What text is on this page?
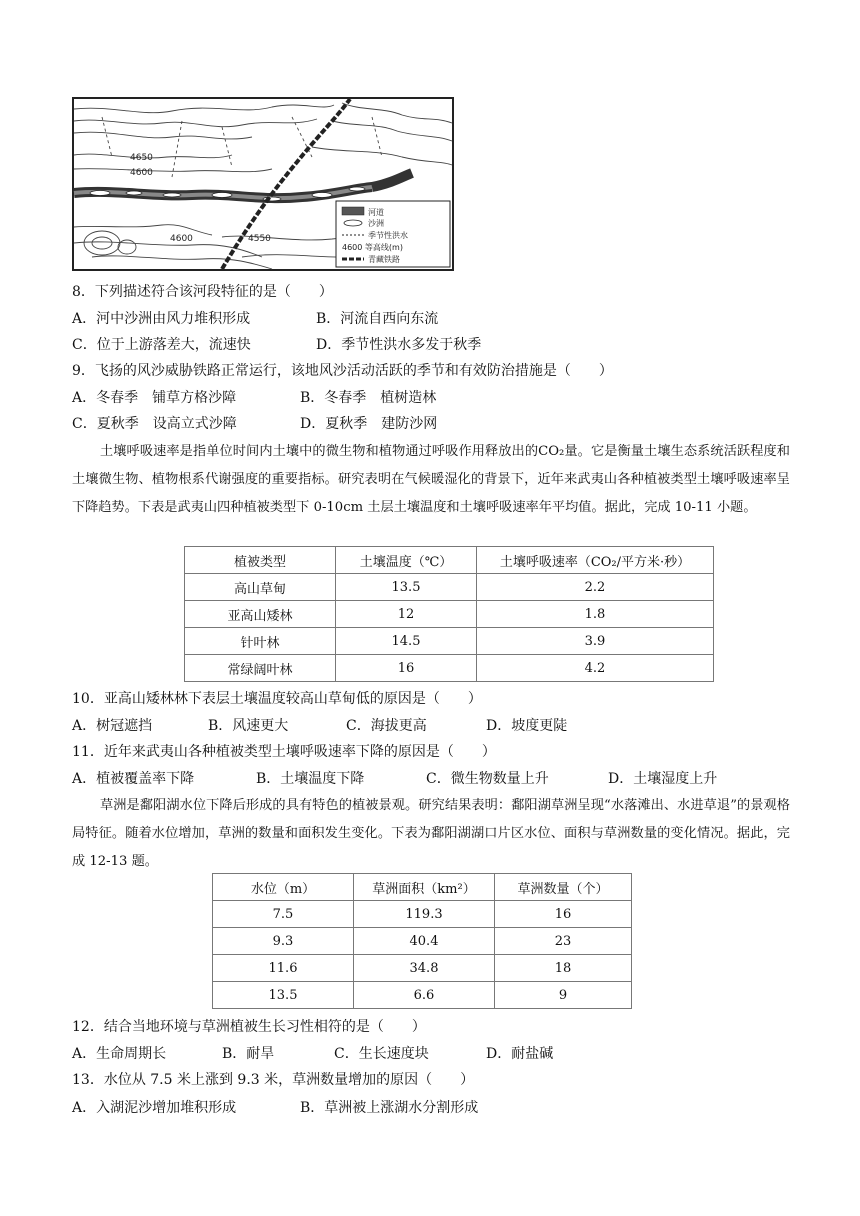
4650
4600
4600	4550
河道
沙洲
季节性洪水
4600 等高线(m)
青藏铁路
8．下列描述符合该河段特征的是（　　）
A．河中沙洲由风力堆积形成	B．河流自西向东流
C．位于上游落差大，流速快	D．季节性洪水多发于秋季
9．飞扬的风沙威胁铁路正常运行，该地风沙活动活跃的季节和有效防治措施是（　　）
A．冬春季　铺草方格沙障	B．冬春季　植树造林
C．夏秋季　设高立式沙障	D．夏秋季　建防沙网
土壤呼吸速率是指单位时间内土壤中的微生物和植物通过呼吸作用释放出的CO₂量。它是衡量土壤生态系统活跃程度和土壤微生物、植物根系代谢强度的重要指标。研究表明在气候暖湿化的背景下，近年来武夷山各种植被类型土壤呼吸速率呈下降趋势。下表是武夷山四种植被类型下 0-10cm 土层土壤温度和土壤呼吸速率年平均值。据此，完成 10-11 小题。
植被类型	土壤温度（℃）	土壤呼吸速率（CO₂/平方米·秒）
高山草甸	13.5	2.2
亚高山矮林	12	1.8
针叶林	14.5	3.9
常绿阔叶林	16	4.2
10．亚高山矮林林下表层土壤温度较高山草甸低的原因是（　　）
A．树冠遮挡	B．风速更大	C．海拔更高	D．坡度更陡
11．近年来武夷山各种植被类型土壤呼吸速率下降的原因是（　　）
A．植被覆盖率下降	B．土壤温度下降	C．微生物数量上升	D．土壤湿度上升
草洲是鄱阳湖水位下降后形成的具有特色的植被景观。研究结果表明：鄱阳湖草洲呈现“水落滩出、水进草退”的景观格局特征。随着水位增加，草洲的数量和面积发生变化。下表为鄱阳湖湖口片区水位、面积与草洲数量的变化情况。据此，完成 12-13 题。
水位（m）	草洲面积（km²）	草洲数量（个）
7.5	119.3	16
9.3	40.4	23
11.6	34.8	18
13.5	6.6	9
12．结合当地环境与草洲植被生长习性相符的是（　　）
A．生命周期长	B．耐旱	C．生长速度块	D．耐盐碱
13．水位从 7.5 米上涨到 9.3 米，草洲数量增加的原因（　　）
A．入湖泥沙增加堆积形成	B．草洲被上涨湖水分割形成
